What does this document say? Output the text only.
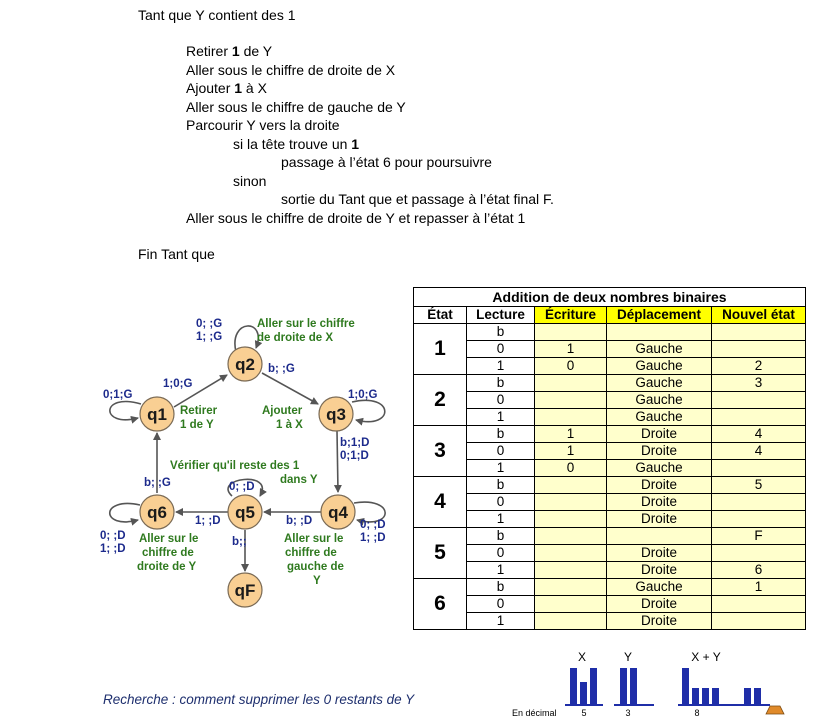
Tant que Y contient des 1
Retirer 1 de Y
Aller sous le chiffre de droite de X
Ajouter 1 à X
Aller sous le chiffre de gauche de Y
Parcourir Y vers la droite
si la tête trouve un 1
passage à l’état 6 pour poursuivre
sinon
sortie du Tant que et passage à l’état final F.
Aller sous le chiffre de droite de Y et repasser à l’état 1
Fin Tant que
q2
q1	q3
q4
q5
q6
qF
0; ;G
1; ;G
0;1;G
1;0;G
b; ;G
1;0;G
b;1;D
0;1;D
0; ;D
1; ;D
b; ;D
0; ;D
1; ;D
b;;
b; ;G
0; ;D
1; ;D
Aller sur le chiffre
de droite de X
Retirer
1 de Y
Ajouter
1 à X
Vérifier qu'il reste des 1
dans Y
Aller sur le
chiffre de
droite de Y
Aller sur le
chiffre de
gauche de
Y
Addition de deux nombres binaires				
État	Lecture	Écriture	Déplacement	Nouvel état
1	b			
	0	1	Gauche	
	1	0	Gauche	2
2	b		Gauche	3
	0		Gauche	
	1		Gauche	
3	b	1	Droite	4
	0	1	Droite	4
	1	0	Gauche	
4	b		Droite	5
	0		Droite	
	1		Droite	
5	b			F
	0		Droite	
	1		Droite	6
6	b		Gauche	1
	0		Droite	
	1		Droite	
Recherche : comment supprimer les 0 restants de Y
X	Y	X + Y
En décimal	5	3	8
